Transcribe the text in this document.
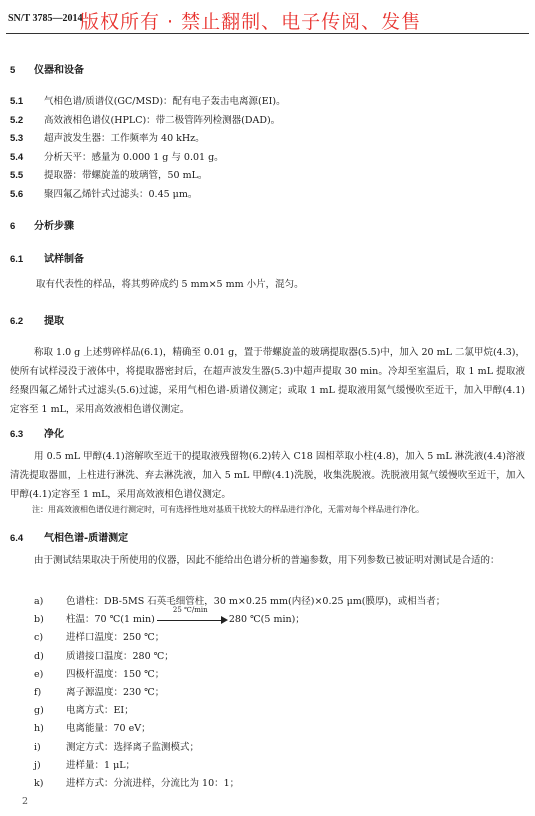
SN/T 3785—2014
版权所有 · 禁止翻制、电子传阅、发售
5 仪器和设备
5.1 气相色谱/质谱仪(GC/MSD)：配有电子轰击电离源(EI)。
5.2 高效液相色谱仪(HPLC)：带二极管阵列检测器(DAD)。
5.3 超声波发生器：工作频率为 40 kHz。
5.4 分析天平：感量为 0.000 1 g 与 0.01 g。
5.5 提取器：带螺旋盖的玻璃管，50 mL。
5.6 聚四氟乙烯针式过滤头：0.45 μm。
6 分析步骤
6.1 试样制备
取有代表性的样品，将其剪碎成约 5 mm×5 mm 小片，混匀。
6.2 提取
称取 1.0 g 上述剪碎样品(6.1)，精确至 0.01 g，置于带螺旋盖的玻璃提取器(5.5)中，加入 20 mL 二氯甲烷(4.3)，使所有试样浸没于液体中，将提取器密封后，在超声波发生器(5.3)中超声提取 30 min。冷却至室温后，取 1 mL 提取液经聚四氟乙烯针式过滤头(5.6)过滤，采用气相色谱-质谱仪测定；或取 1 mL 提取液用氮气缓慢吹至近干，加入甲醇(4.1)定容至 1 mL，采用高效液相色谱仪测定。
6.3 净化
用 0.5 mL 甲醇(4.1)溶解吹至近干的提取液残留物(6.2)转入 C18 固相萃取小柱(4.8)，加入 5 mL 淋洗液(4.4)溶液清洗提取器皿，上柱进行淋洗、弃去淋洗液，加入 5 mL 甲醇(4.1)洗脱，收集洗脱液。洗脱液用氮气缓慢吹至近干，加入甲醇(4.1)定容至 1 mL，采用高效液相色谱仪测定。
注：用高效液相色谱仪进行测定时，可有选择性地对基质干扰较大的样品进行净化，无需对每个样品进行净化。
6.4 气相色谱-质谱测定
由于测试结果取决于所使用的仪器，因此不能给出色谱分析的普遍参数，用下列参数已被证明对测试是合适的：
a) 色谱柱：DB-5MS 石英毛细管柱，30 m×0.25 mm(内径)×0.25 μm(膜厚)，或相当者；
b) 柱温：70 ℃(1 min)
25 ℃/min
280 ℃(5 min)；
c) 进样口温度：250 ℃；
d) 质谱接口温度：280 ℃；
e) 四极杆温度：150 ℃；
f)	离子源温度：230 ℃；
g) 电离方式：EI；
h) 电离能量：70 eV；
i)	测定方式：选择离子监测模式；
j)	进样量：1 μL；
k) 进样方式：分流进样，分流比为 10：1；
2
